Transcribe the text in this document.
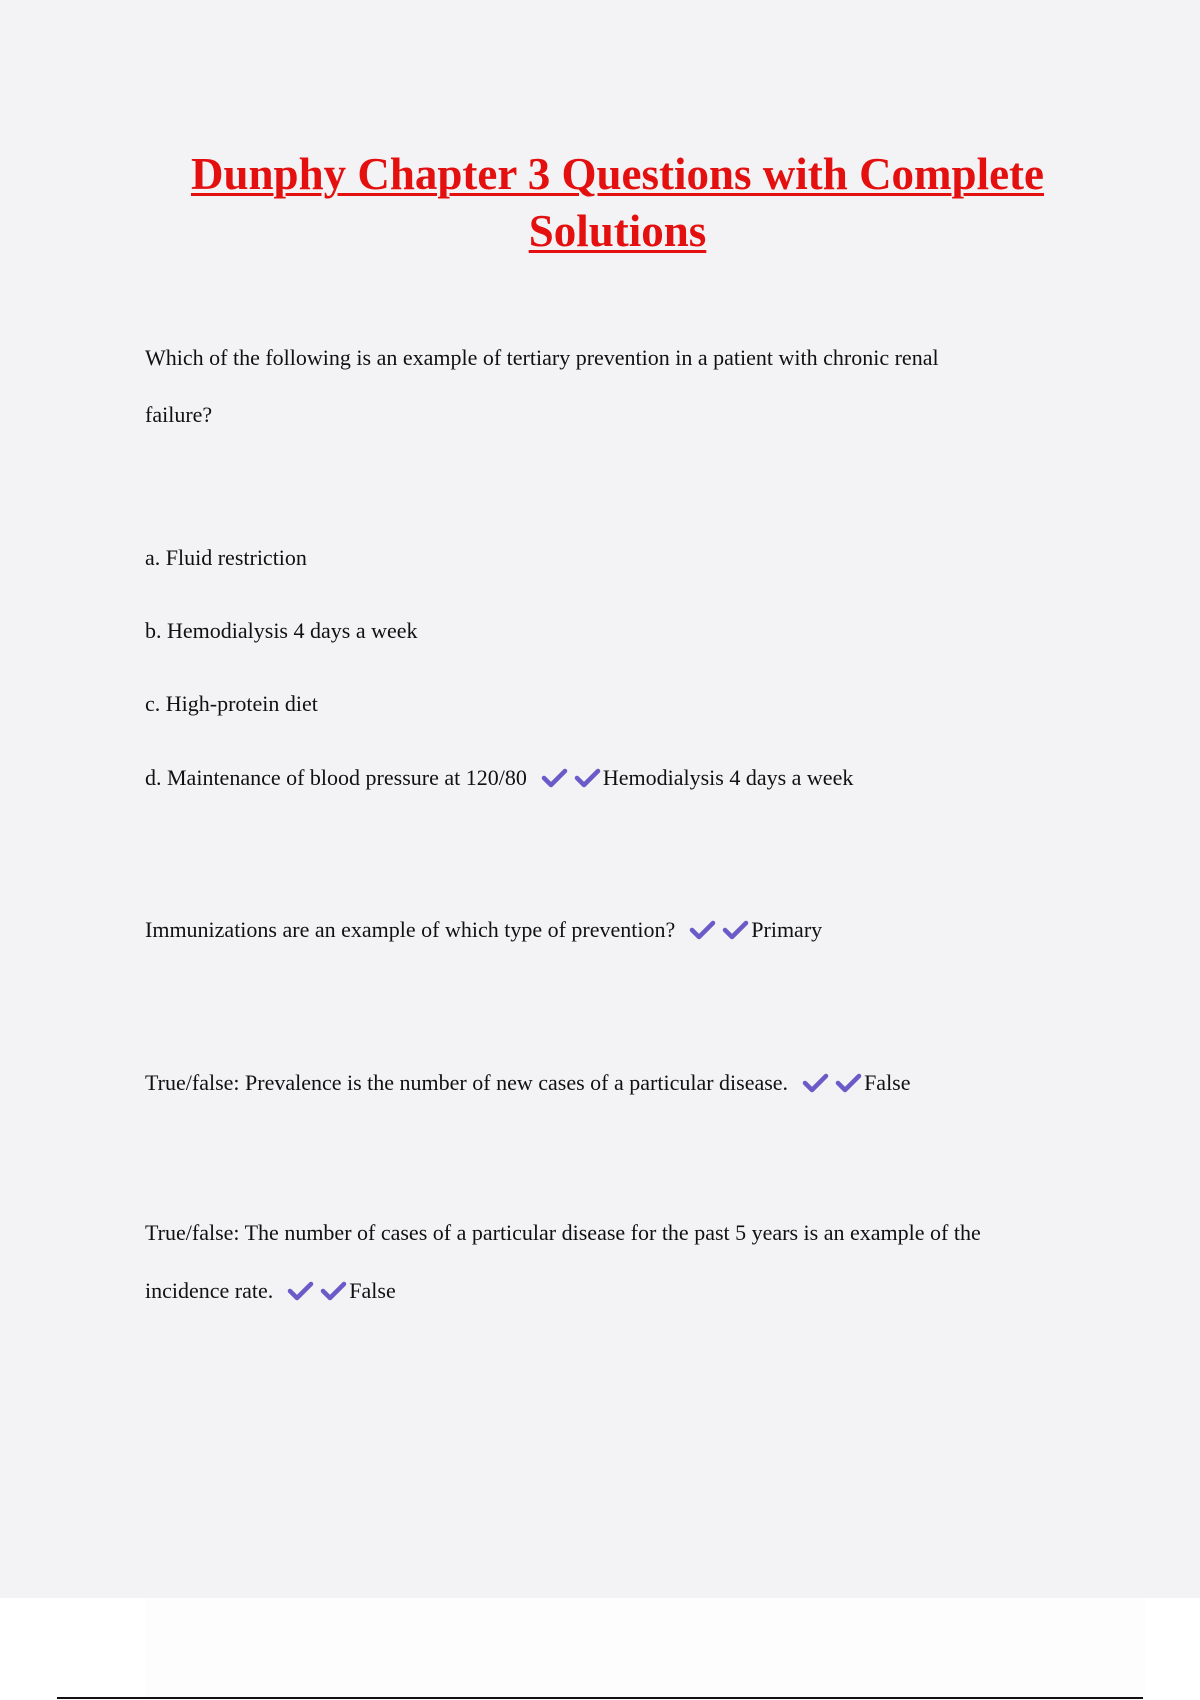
Dunphy Chapter 3 Questions with Complete Solutions
Which of the following is an example of tertiary prevention in a patient with chronic renal
failure?
a. Fluid restriction
b. Hemodialysis 4 days a week
c. High-protein diet
d. Maintenance of blood pressure at 120/80	Hemodialysis 4 days a week
Immunizations are an example of which type of prevention?	Primary
True/false: Prevalence is the number of new cases of a particular disease.	False
True/false: The number of cases of a particular disease for the past 5 years is an example of the
incidence rate.	False
